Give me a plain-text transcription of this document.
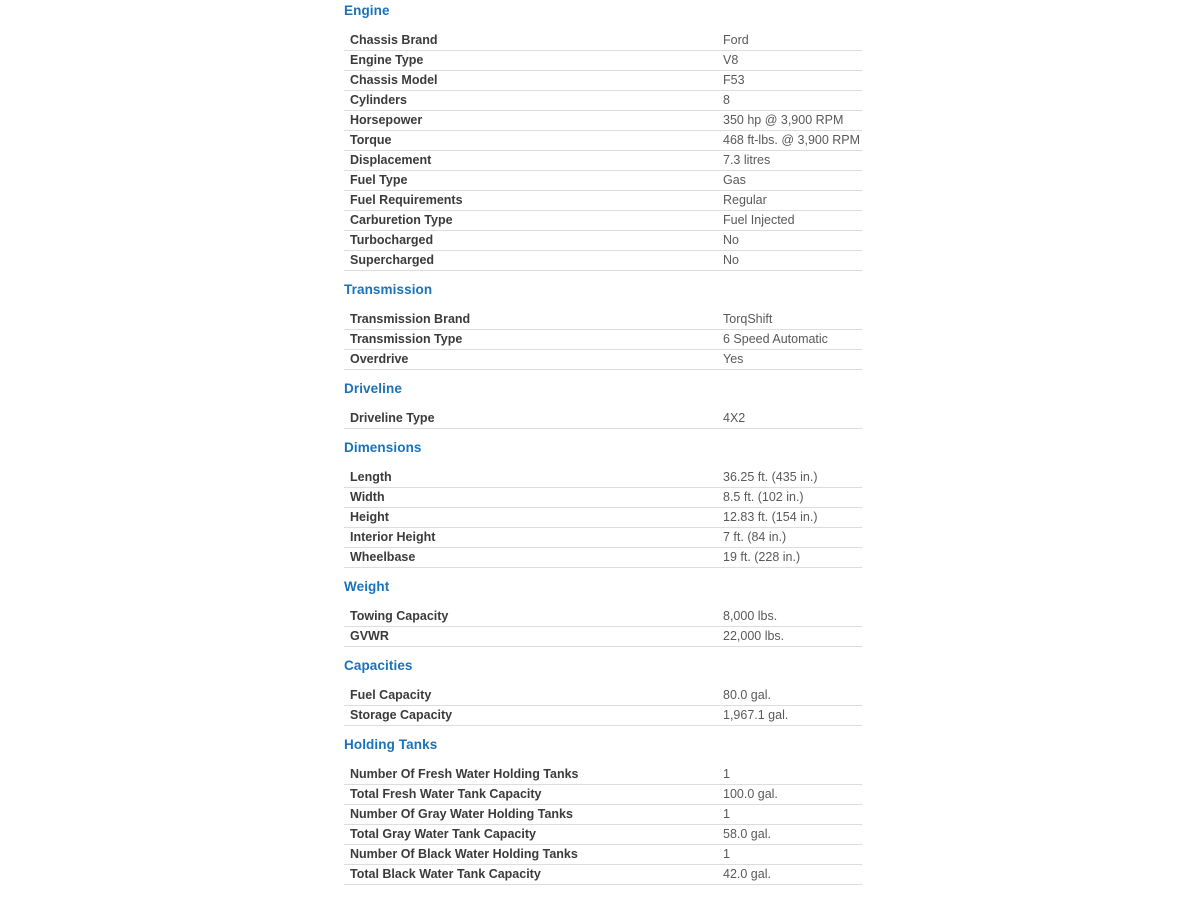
Engine
Chassis Brand	Ford
Engine Type	V8
Chassis Model	F53
Cylinders	8
Horsepower	350 hp @ 3,900 RPM
Torque	468 ft-lbs. @ 3,900 RPM
Displacement	7.3 litres
Fuel Type	Gas
Fuel Requirements	Regular
Carburetion Type	Fuel Injected
Turbocharged	No
Supercharged	No
Transmission
Transmission Brand	TorqShift
Transmission Type	6 Speed Automatic
Overdrive	Yes
Driveline
Driveline Type	4X2
Dimensions
Length	36.25 ft. (435 in.)
Width	8.5 ft. (102 in.)
Height	12.83 ft. (154 in.)
Interior Height	7 ft. (84 in.)
Wheelbase	19 ft. (228 in.)
Weight
Towing Capacity	8,000 lbs.
GVWR	22,000 lbs.
Capacities
Fuel Capacity	80.0 gal.
Storage Capacity	1,967.1 gal.
Holding Tanks
Number Of Fresh Water Holding Tanks	1
Total Fresh Water Tank Capacity	100.0 gal.
Number Of Gray Water Holding Tanks	1
Total Gray Water Tank Capacity	58.0 gal.
Number Of Black Water Holding Tanks	1
Total Black Water Tank Capacity	42.0 gal.
